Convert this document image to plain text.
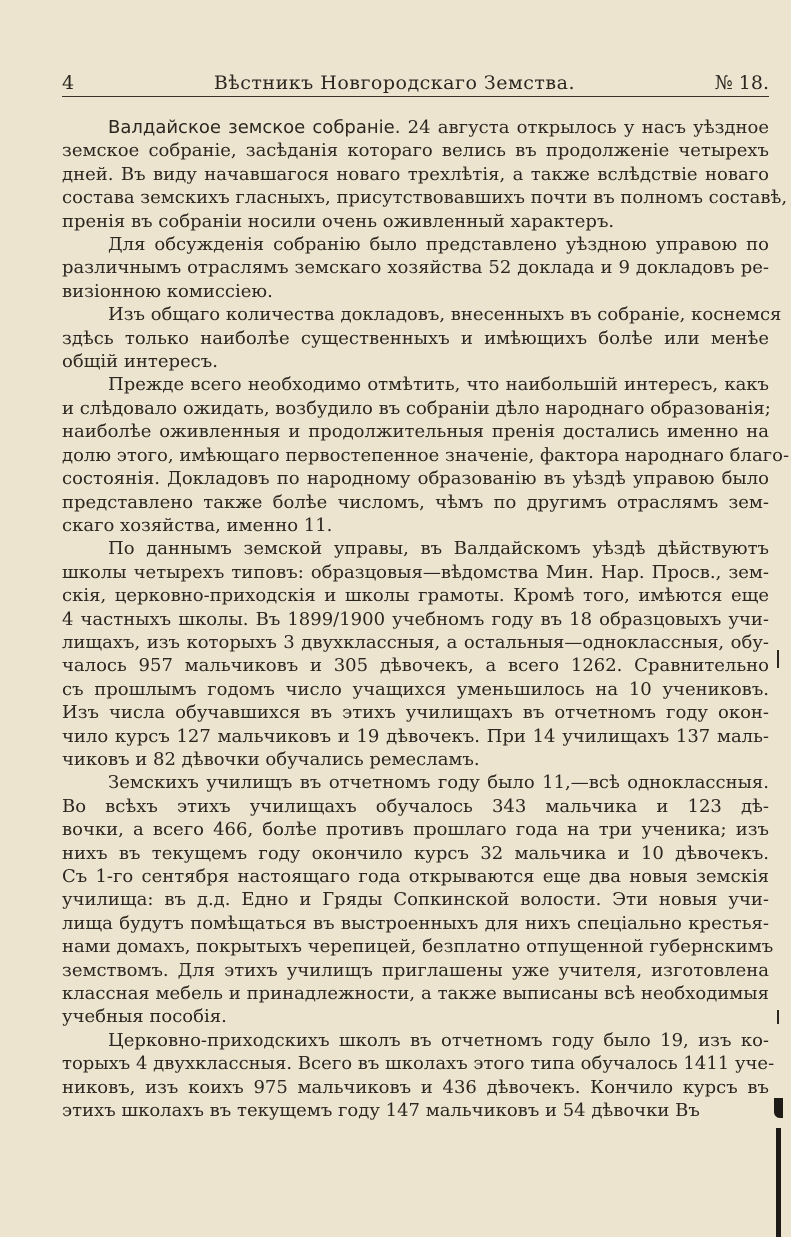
4	Вѣстникъ Новгородскаго Земства.	№ 18.
Валдайское земское собраніе. 24 августа открылось у насъ уѣздное
земское собраніе, засѣданія котораго велись въ продолженіе четырехъ
дней. Въ виду начавшагося новаго трехлѣтія, а также вслѣдствіе новаго
состава земскихъ гласныхъ, присутствовавшихъ почти въ полномъ составѣ,
пренія въ собраніи носили очень оживленный характеръ.
Для обсужденія собранію было представлено уѣздною управою по
различнымъ отраслямъ земскаго хозяйства 52 доклада и 9 докладовъ ре-
визіонною комиссіею.
Изъ общаго количества докладовъ, внесенныхъ въ собраніе, коснемся
здѣсь только наиболѣе существенныхъ и имѣющихъ болѣе или менѣе
общій интересъ.
Прежде всего необходимо отмѣтить, что наибольшій интересъ, какъ
и слѣдовало ожидать, возбудило въ собраніи дѣло народнаго образованія;
наиболѣе оживленныя и продолжительныя пренія достались именно на
долю этого, имѣющаго первостепенное значеніе, фактора народнаго благо-
состоянія. Докладовъ по народному образованію въ уѣздѣ управою было
представлено также болѣе числомъ, чѣмъ по другимъ отраслямъ зем-
скаго хозяйства, именно 11.
По даннымъ земской управы, въ Валдайскомъ уѣздѣ дѣйствуютъ
школы четырехъ типовъ: образцовыя—вѣдомства Мин. Нар. Просв., зем-
скія, церковно-приходскія и школы грамоты. Кромѣ того, имѣются еще
4 частныхъ школы. Въ 1899/1900 учебномъ году въ 18 образцовыхъ учи-
лищахъ, изъ которыхъ 3 двухклассныя, а остальныя—одноклассныя, обу-
чалось 957 мальчиковъ и 305 дѣвочекъ, а всего 1262. Сравнительно
съ прошлымъ годомъ число учащихся уменьшилось на 10 учениковъ.
Изъ числа обучавшихся въ этихъ училищахъ въ отчетномъ году окон-
чило курсъ 127 мальчиковъ и 19 дѣвочекъ. При 14 училищахъ 137 маль-
чиковъ и 82 дѣвочки обучались ремесламъ.
Земскихъ училищъ въ отчетномъ году было 11,—всѣ одноклассныя.
Во всѣхъ этихъ училищахъ обучалось 343 мальчика и 123 дѣ-
вочки, а всего 466, болѣе противъ прошлаго года на три ученика; изъ
нихъ въ текущемъ году окончило курсъ 32 мальчика и 10 дѣвочекъ.
Съ 1-го сентября настоящаго года открываются еще два новыя земскія
училища: въ д.д. Едно и Гряды Сопкинской волости. Эти новыя учи-
лища будутъ помѣщаться въ выстроенныхъ для нихъ спеціально крестья-
нами домахъ, покрытыхъ черепицей, безплатно отпущенной губернскимъ
земствомъ. Для этихъ училищъ приглашены уже учителя, изготовлена
классная мебель и принадлежности, а также выписаны всѣ необходимыя
учебныя пособія.
Церковно-приходскихъ школъ въ отчетномъ году было 19, изъ ко-
торыхъ 4 двухклассныя. Всего въ школахъ этого типа обучалось 1411 уче-
никовъ, изъ коихъ 975 мальчиковъ и 436 дѣвочекъ. Кончило курсъ въ
этихъ школахъ въ текущемъ году 147 мальчиковъ и 54 дѣвочки Въ
